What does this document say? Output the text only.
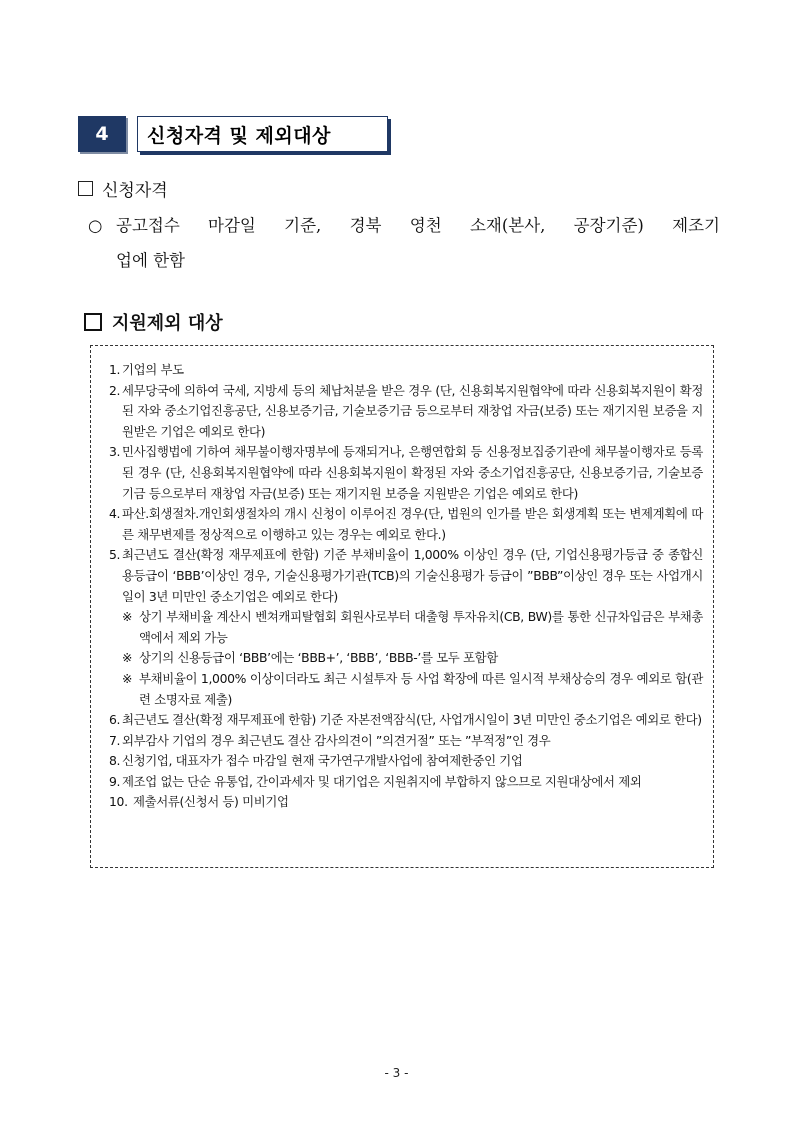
4	신청자격 및 제외대상
신청자격
○ 공고접수 마감일 기준, 경북 영천 소재(본사, 공장기준) 제조기
업에 한함
지원제외 대상
1. 기업의 부도
2. 세무당국에 의하여 국세, 지방세 등의 체납처분을 받은 경우 (단, 신용회복지원협약에 따라 신용회복지원이 확정된 자와 중소기업진흥공단, 신용보증기금, 기술보증기금 등으로부터 재창업 자금(보증) 또는 재기지원 보증을 지원받은 기업은 예외로 한다)
3. 민사집행법에 기하여 채무불이행자명부에 등재되거나, 은행연합회 등 신용정보집중기관에 채무불이행자로 등록된 경우 (단, 신용회복지원협약에 따라 신용회복지원이 확정된 자와 중소기업진흥공단, 신용보증기금, 기술보증기금 등으로부터 재창업 자금(보증) 또는 재기지원 보증을 지원받은 기업은 예외로 한다)
4. 파산.회생절차.개인회생절차의 개시 신청이 이루어진 경우(단, 법원의 인가를 받은 회생계획 또는 변제계획에 따른 채무변제를 정상적으로 이행하고 있는 경우는 예외로 한다.)
5. 최근년도 결산(확정 재무제표에 한함) 기준 부채비율이 1,000% 이상인 경우 (단, 기업신용평가등급 중 종합신용등급이 ‘BBB’이상인 경우, 기술신용평가기관(TCB)의 기술신용평가 등급이 ”BBB”이상인 경우 또는 사업개시일이 3년 미만인 중소기업은 예외로 한다)
※ 상기 부채비율 계산시 벤쳐캐피탈협회 회원사로부터 대출형 투자유치(CB, BW)를 통한 신규차입금은 부채총액에서 제외 가능
※ 상기의 신용등급이 ‘BBB’에는 ‘BBB+’, ‘BBB’, ‘BBB-’를 모두 포함함
※ 부채비율이 1,000% 이상이더라도 최근 시설투자 등 사업 확장에 따른 일시적 부채상승의 경우 예외로 함(관련 소명자료 제출)
6. 최근년도 결산(확정 재무제표에 한함) 기준 자본전액잠식(단, 사업개시일이 3년 미만인 중소기업은 예외로 한다)
7. 외부감사 기업의 경우 최근년도 결산 감사의견이 ”의견거절” 또는 ”부적정”인 경우
8. 신청기업, 대표자가 접수 마감일 현재 국가연구개발사업에 참여제한중인 기업
9. 제조업 없는 단순 유통업, 간이과세자 및 대기업은 지원취지에 부합하지 않으므로 지원대상에서 제외
10. 제출서류(신청서 등) 미비기업
- 3 -
